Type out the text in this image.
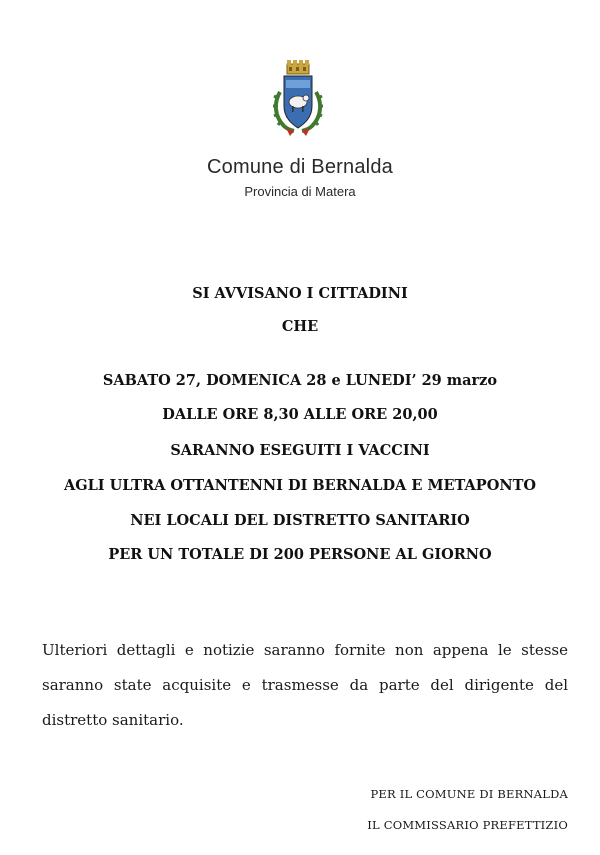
Comune di Bernalda
Provincia di Matera
SI AVVISANO I CITTADINI
CHE
SABATO 27, DOMENICA 28 e LUNEDI’ 29 marzo
DALLE ORE 8,30 ALLE ORE 20,00
SARANNO ESEGUITI I VACCINI
AGLI ULTRA OTTANTENNI DI BERNALDA E METAPONTO
NEI LOCALI DEL DISTRETTO SANITARIO
PER UN TOTALE DI 200 PERSONE AL GIORNO
Ulteriori dettagli e notizie saranno fornite non appena le stesse saranno state acquisite e trasmesse da parte del dirigente del distretto sanitario.
PER IL COMUNE DI BERNALDA
IL COMMISSARIO PREFETTIZIO
